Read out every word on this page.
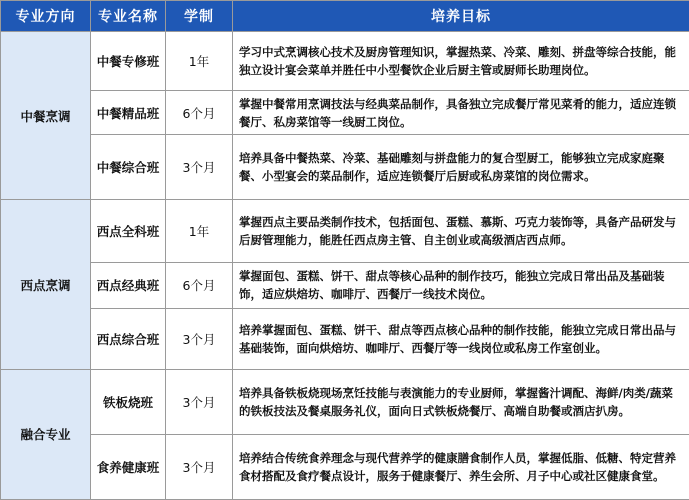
专业方向	专业名称	学制	培养目标
中餐烹调	中餐专修班	1年	学习中式烹调核心技术及厨房管理知识，掌握热菜、冷菜、雕刻、拼盘等综合技能，能独立设计宴会菜单并胜任中小型餐饮企业后厨主管或厨师长助理岗位。
	中餐精品班	6个月	掌握中餐常用烹调技法与经典菜品制作，具备独立完成餐厅常见菜肴的能力，适应连锁餐厅、私房菜馆等一线厨工岗位。
	中餐综合班	3个月	培养具备中餐热菜、冷菜、基础雕刻与拼盘能力的复合型厨工，能够独立完成家庭聚餐、小型宴会的菜品制作，适应连锁餐厅后厨或私房菜馆的岗位需求。
西点烹调	西点全科班	1年	掌握西点主要品类制作技术，包括面包、蛋糕、慕斯、巧克力装饰等，具备产品研发与后厨管理能力，能胜任西点房主管、自主创业或高级酒店西点师。
	西点经典班	6个月	掌握面包、蛋糕、饼干、甜点等核心品种的制作技巧，能独立完成日常出品及基础装饰，适应烘焙坊、咖啡厅、西餐厅一线技术岗位。
	西点综合班	3个月	培养掌握面包、蛋糕、饼干、甜点等西点核心品种的制作技能，能独立完成日常出品与基础装饰，面向烘焙坊、咖啡厅、西餐厅等一线岗位或私房工作室创业。
融合专业	铁板烧班	3个月	培养具备铁板烧现场烹饪技能与表演能力的专业厨师，掌握酱汁调配、海鲜/肉类/蔬菜的铁板技法及餐桌服务礼仪，面向日式铁板烧餐厅、高端自助餐或酒店扒房。
	食养健康班	3个月	培养结合传统食养理念与现代营养学的健康膳食制作人员，掌握低脂、低糖、特定营养食材搭配及食疗餐点设计，服务于健康餐厅、养生会所、月子中心或社区健康食堂。
